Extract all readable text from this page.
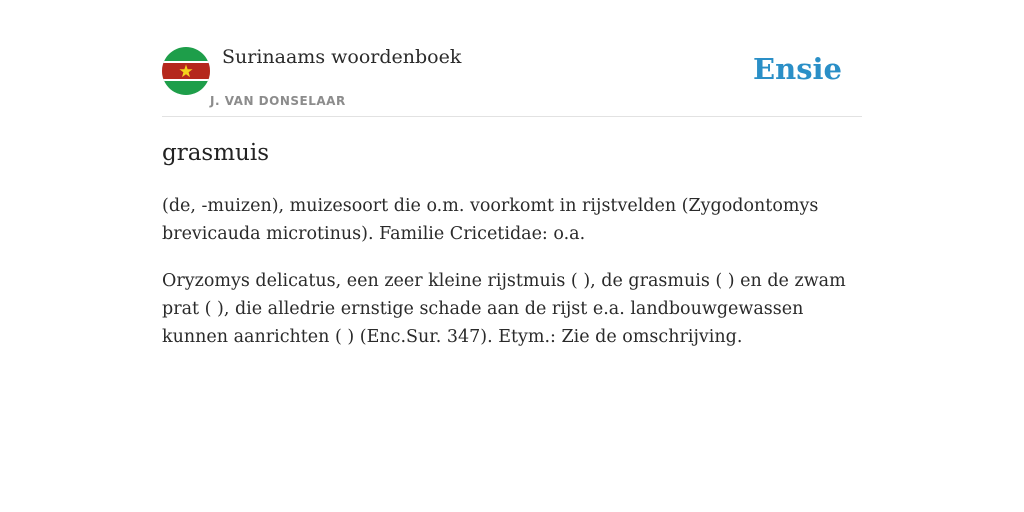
Surinaams woordenboek
J. VAN DONSELAAR
Ensie
grasmuis

(de, -muizen), muizesoort die o.m. voorkomt in rijstvelden (Zygodontomys brevicauda microtinus). Familie Cricetidae: o.a.

Oryzomys delicatus, een zeer kleine rijstmuis ( ), de grasmuis ( ) en de zwam prat ( ), die alledrie ernstige schade aan de rijst e.a. landbouwgewassen kunnen aanrichten ( ) (Enc.Sur. 347). Etym.: Zie de omschrijving.
